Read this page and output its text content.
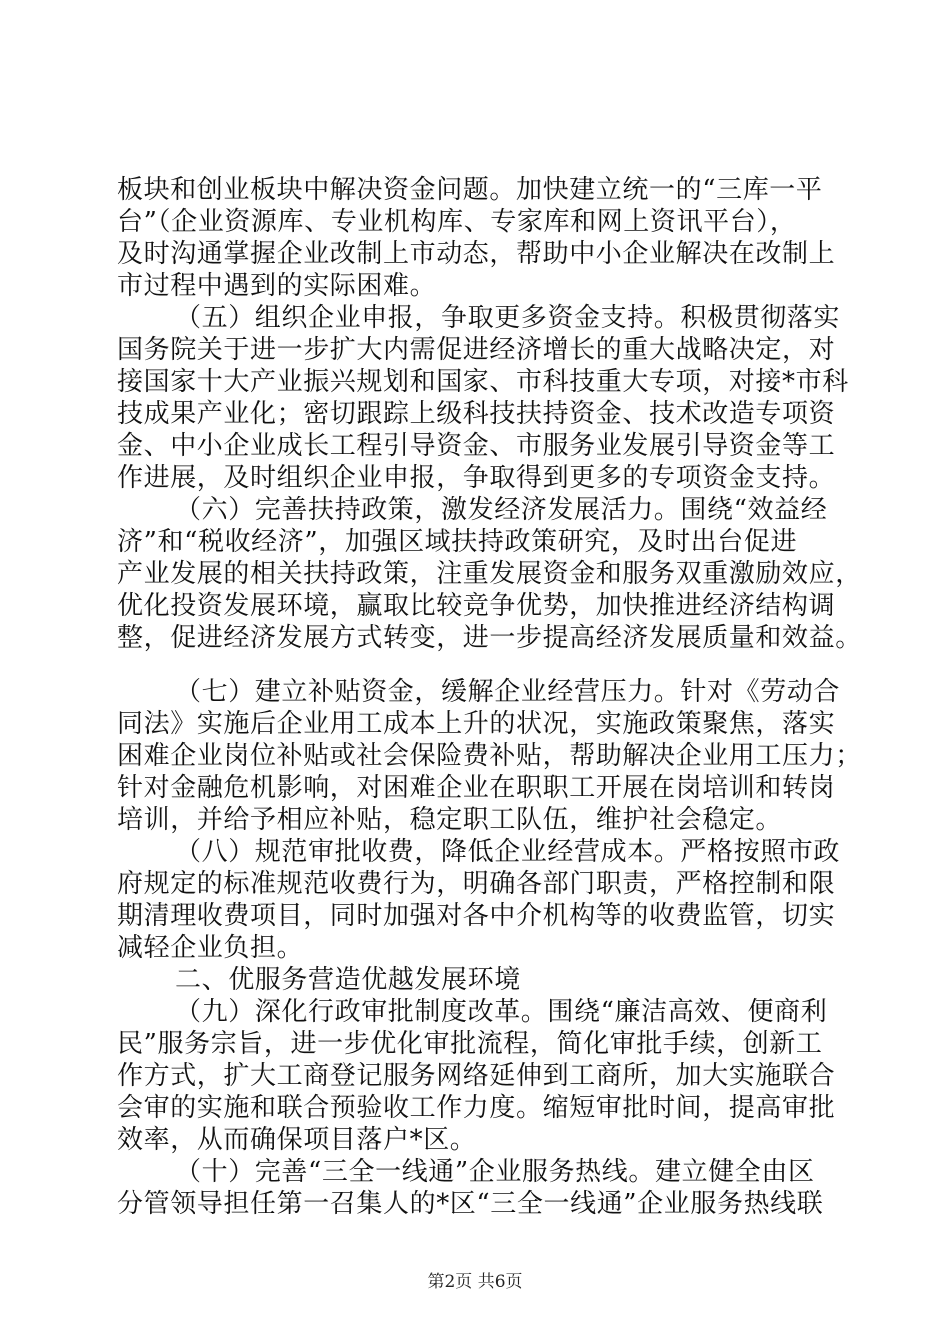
板块和创业板块中解决资金问题。加快建立统一的“三库一平
台”（企业资源库、专业机构库、专家库和网上资讯平台），
及时沟通掌握企业改制上市动态，帮助中小企业解决在改制上
市过程中遇到的实际困难。
（五）组织企业申报，争取更多资金支持。积极贯彻落实
国务院关于进一步扩大内需促进经济增长的重大战略决定，对
接国家十大产业振兴规划和国家、市科技重大专项，对接*市科
技成果产业化；密切跟踪上级科技扶持资金、技术改造专项资
金、中小企业成长工程引导资金、市服务业发展引导资金等工
作进展，及时组织企业申报，争取得到更多的专项资金支持。
（六）完善扶持政策，激发经济发展活力。围绕“效益经
济”和“税收经济”，加强区域扶持政策研究，及时出台促进
产业发展的相关扶持政策，注重发展资金和服务双重激励效应，
优化投资发展环境，赢取比较竞争优势，加快推进经济结构调
整，促进经济发展方式转变，进一步提高经济发展质量和效益。
（七）建立补贴资金，缓解企业经营压力。针对《劳动合
同法》实施后企业用工成本上升的状况，实施政策聚焦，落实
困难企业岗位补贴或社会保险费补贴，帮助解决企业用工压力；
针对金融危机影响，对困难企业在职职工开展在岗培训和转岗
培训，并给予相应补贴，稳定职工队伍，维护社会稳定。
（八）规范审批收费，降低企业经营成本。严格按照市政
府规定的标准规范收费行为，明确各部门职责，严格控制和限
期清理收费项目，同时加强对各中介机构等的收费监管，切实
减轻企业负担。
二、优服务营造优越发展环境
（九）深化行政审批制度改革。围绕“廉洁高效、便商利
民”服务宗旨，进一步优化审批流程，简化审批手续，创新工
作方式，扩大工商登记服务网络延伸到工商所，加大实施联合
会审的实施和联合预验收工作力度。缩短审批时间，提高审批
效率，从而确保项目落户*区。
（十）完善“三全一线通”企业服务热线。建立健全由区
分管领导担任第一召集人的*区“三全一线通”企业服务热线联
第2页 共6页
